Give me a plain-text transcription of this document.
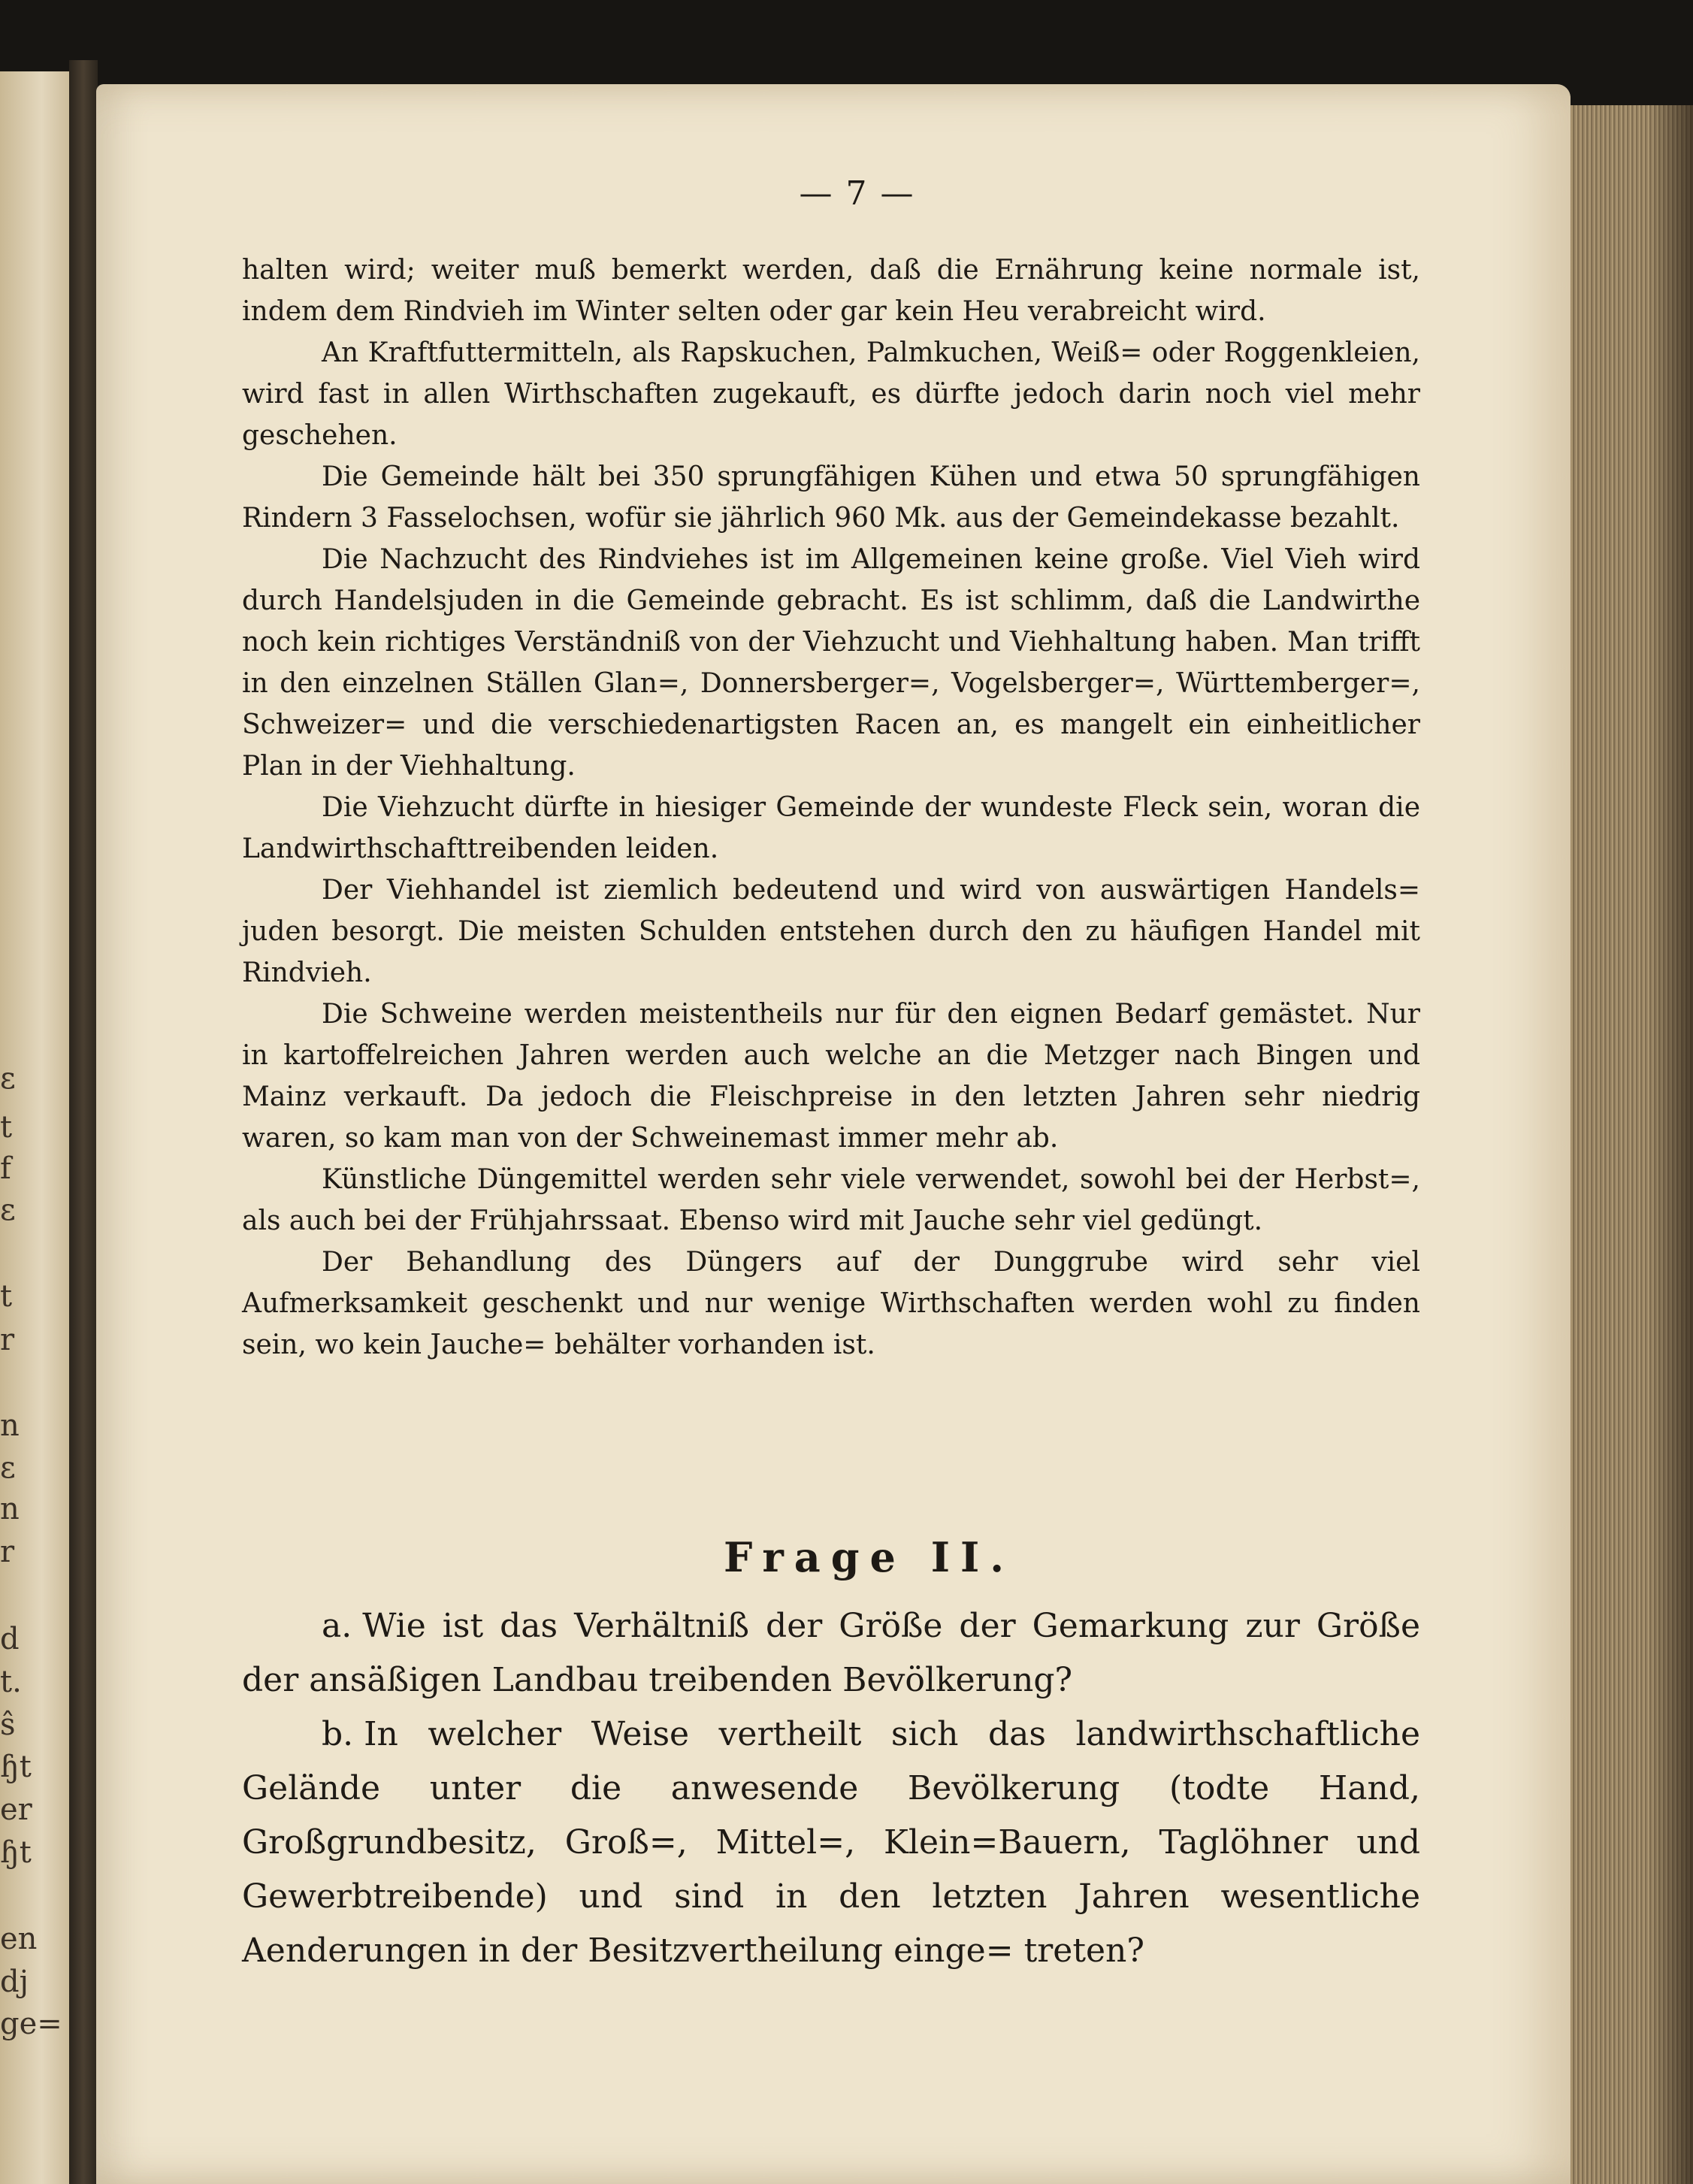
ε
t
f
ε
t
r
n
ε
n
r
d
t.
ŝ
ɧt
er
ɧt
en
dj
ge=
— 7 —

halten wird; weiter muß bemerkt werden, daß die Ernährung keine normale ist, indem dem Rindvieh im Winter selten oder gar kein Heu verabreicht wird.

An Kraftfuttermitteln, als Rapskuchen, Palmkuchen, Weiß= oder Roggenkleien, wird fast in allen Wirthschaften zugekauft, es dürfte jedoch darin noch viel mehr geschehen.

Die Gemeinde hält bei 350 sprungfähigen Kühen und etwa 50 sprungfähigen Rindern 3 Fasselochsen, wofür sie jährlich 960 Mk. aus der Gemeindekasse bezahlt.

Die Nachzucht des Rindviehes ist im Allgemeinen keine große. Viel Vieh wird durch Handelsjuden in die Gemeinde gebracht. Es ist schlimm, daß die Landwirthe noch kein richtiges Verständniß von der Viehzucht und Viehhaltung haben. Man trifft in den einzelnen Ställen Glan=, Donnersberger=, Vogelsberger=, Württemberger=, Schweizer= und die verschiedenartigsten Racen an, es mangelt ein einheitlicher Plan in der Viehhaltung.

Die Viehzucht dürfte in hiesiger Gemeinde der wundeste Fleck sein, woran die Landwirthschafttreibenden leiden.

Der Viehhandel ist ziemlich bedeutend und wird von auswärtigen Handels= juden besorgt. Die meisten Schulden entstehen durch den zu häufigen Handel mit Rindvieh.

Die Schweine werden meistentheils nur für den eignen Bedarf gemästet. Nur in kartoffelreichen Jahren werden auch welche an die Metzger nach Bingen und Mainz verkauft. Da jedoch die Fleischpreise in den letzten Jahren sehr niedrig waren, so kam man von der Schweinemast immer mehr ab.

Künstliche Düngemittel werden sehr viele verwendet, sowohl bei der Herbst=, als auch bei der Frühjahrssaat. Ebenso wird mit Jauche sehr viel gedüngt.

Der Behandlung des Düngers auf der Dunggrube wird sehr viel Aufmerksamkeit geschenkt und nur wenige Wirthschaften werden wohl zu finden sein, wo kein Jauche= behälter vorhanden ist.

Frage II.

a. Wie ist das Verhältniß der Größe der Gemarkung zur Größe der ansäßigen Landbau treibenden Bevölkerung?

b. In welcher Weise vertheilt sich das landwirthschaftliche Gelände unter die anwesende Bevölkerung (todte Hand, Großgrundbesitz, Groß=, Mittel=, Klein=Bauern, Taglöhner und Gewerbtreibende) und sind in den letzten Jahren wesentliche Aenderungen in der Besitzvertheilung einge= treten?
